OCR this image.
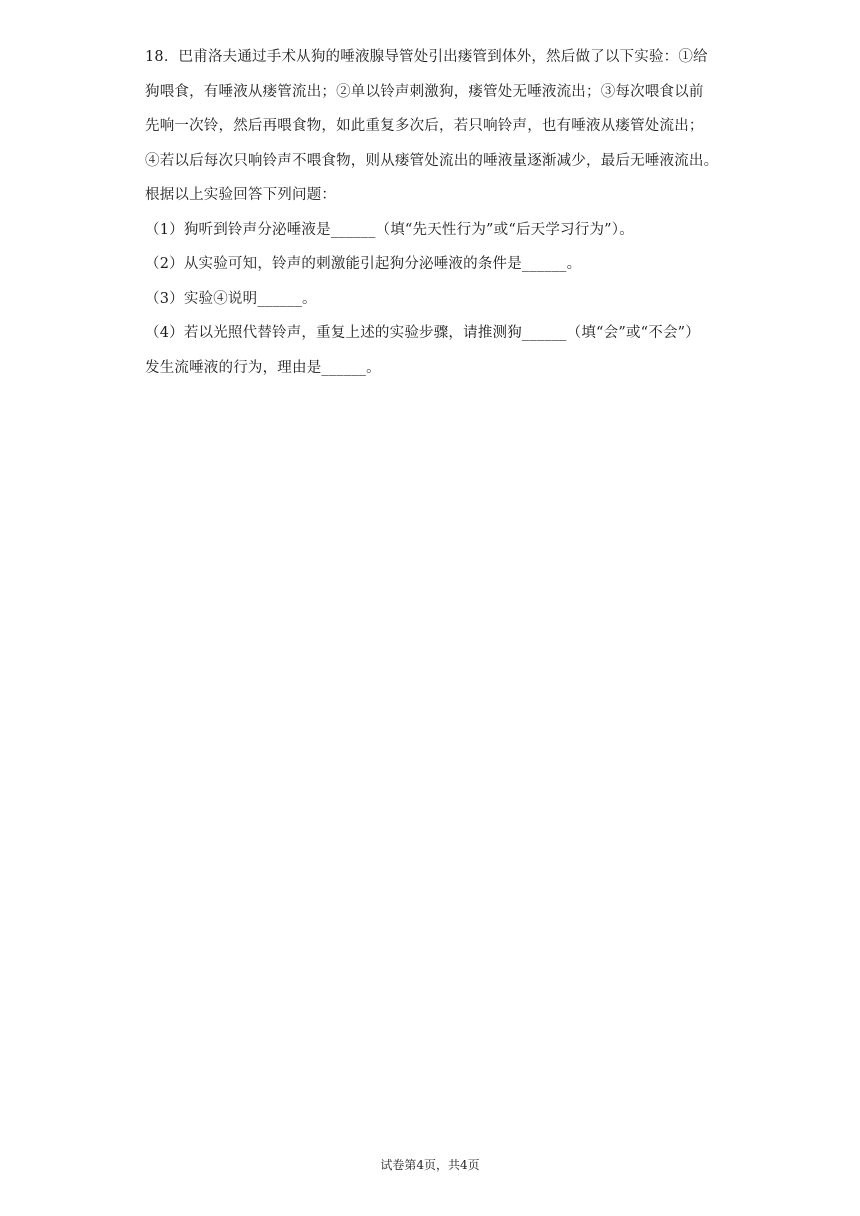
18．巴甫洛夫通过手术从狗的唾液腺导管处引出瘘管到体外，然后做了以下实验：①给
狗喂食，有唾液从瘘管流出；②单以铃声刺激狗，瘘管处无唾液流出；③每次喂食以前
先响一次铃，然后再喂食物，如此重复多次后，若只响铃声，也有唾液从瘘管处流出；
④若以后每次只响铃声不喂食物，则从瘘管处流出的唾液量逐渐减少，最后无唾液流出。
根据以上实验回答下列问题：
（1）狗听到铃声分泌唾液是______（填“先天性行为”或“后天学习行为”）。
（2）从实验可知，铃声的刺激能引起狗分泌唾液的条件是______。
（3）实验④说明______。
（4）若以光照代替铃声，重复上述的实验步骤，请推测狗______（填“会”或“不会”）
发生流唾液的行为，理由是______。
试卷第4页，共4页
